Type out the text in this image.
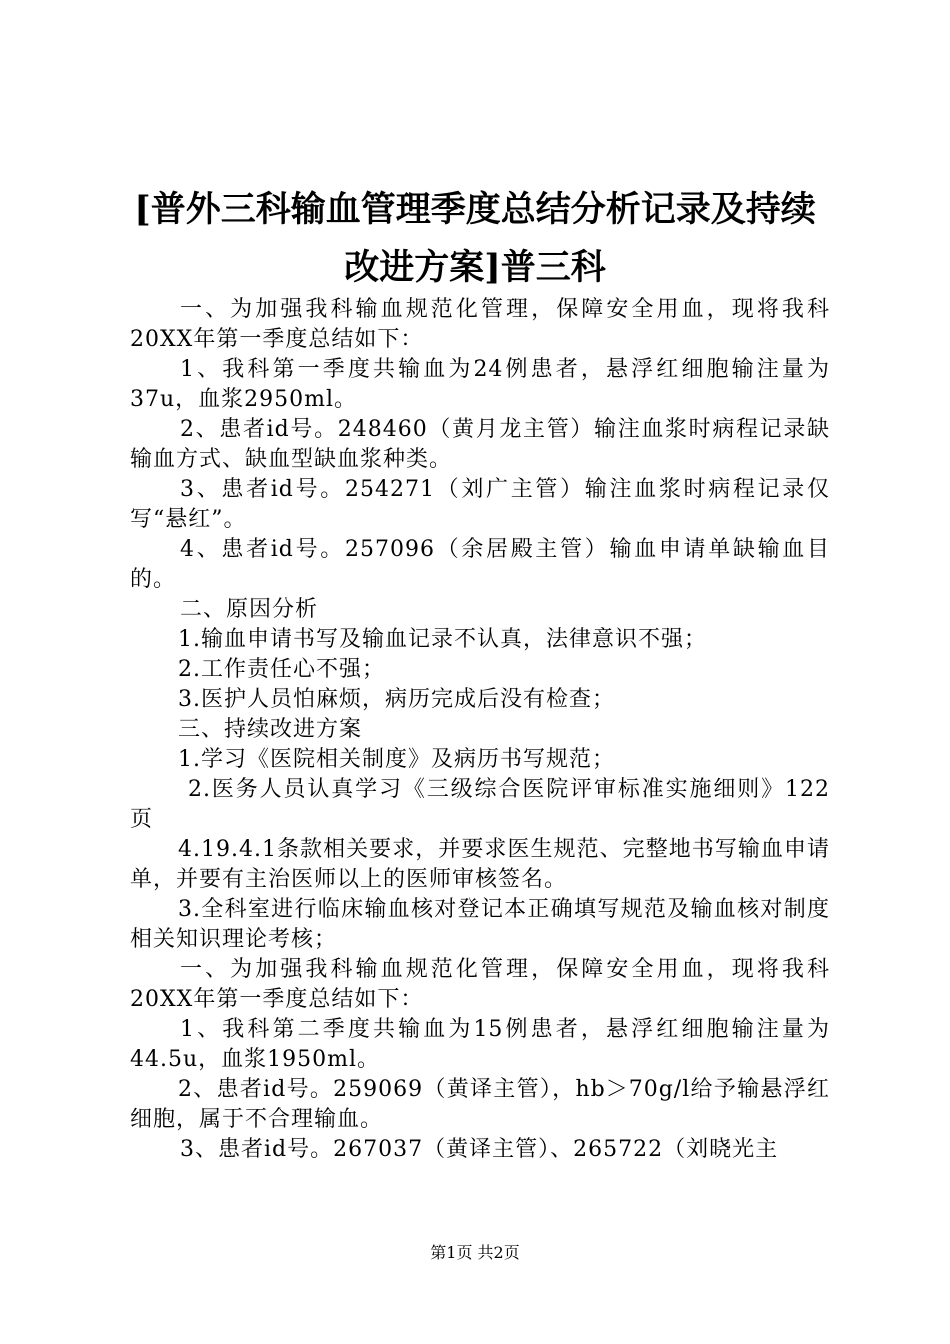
[普外三科输血管理季度总结分析记录及持续
改进方案]普三科

一、为加强我科输血规范化管理，保障安全用血，现将我科20XX年第一季度总结如下：

1、我科第一季度共输血为24例患者，悬浮红细胞输注量为37u，血浆2950ml。

2、患者id号。248460（黄月龙主管）输注血浆时病程记录缺输血方式、缺血型缺血浆种类。

3、患者id号。254271（刘广主管）输注血浆时病程记录仅写“悬红”。

4、患者id号。257096（余居殿主管）输血申请单缺输血目的。

二、原因分析

1.输血申请书写及输血记录不认真，法律意识不强；

2.工作责任心不强；

3.医护人员怕麻烦，病历完成后没有检查；

三、持续改进方案

1.学习《医院相关制度》及病历书写规范；

2.医务人员认真学习《三级综合医院评审标准实施细则》122页

4.19.4.1条款相关要求，并要求医生规范、完整地书写输血申请单，并要有主治医师以上的医师审核签名。

3.全科室进行临床输血核对登记本正确填写规范及输血核对制度相关知识理论考核；

一、为加强我科输血规范化管理，保障安全用血，现将我科20XX年第一季度总结如下：

1、我科第二季度共输血为15例患者，悬浮红细胞输注量为44.5u，血浆1950ml。

2、患者id号。259069（黄译主管），hb＞70g/l给予输悬浮红细胞，属于不合理输血。

3、患者id号。267037（黄译主管）、265722（刘晓光主

第1页 共2页
